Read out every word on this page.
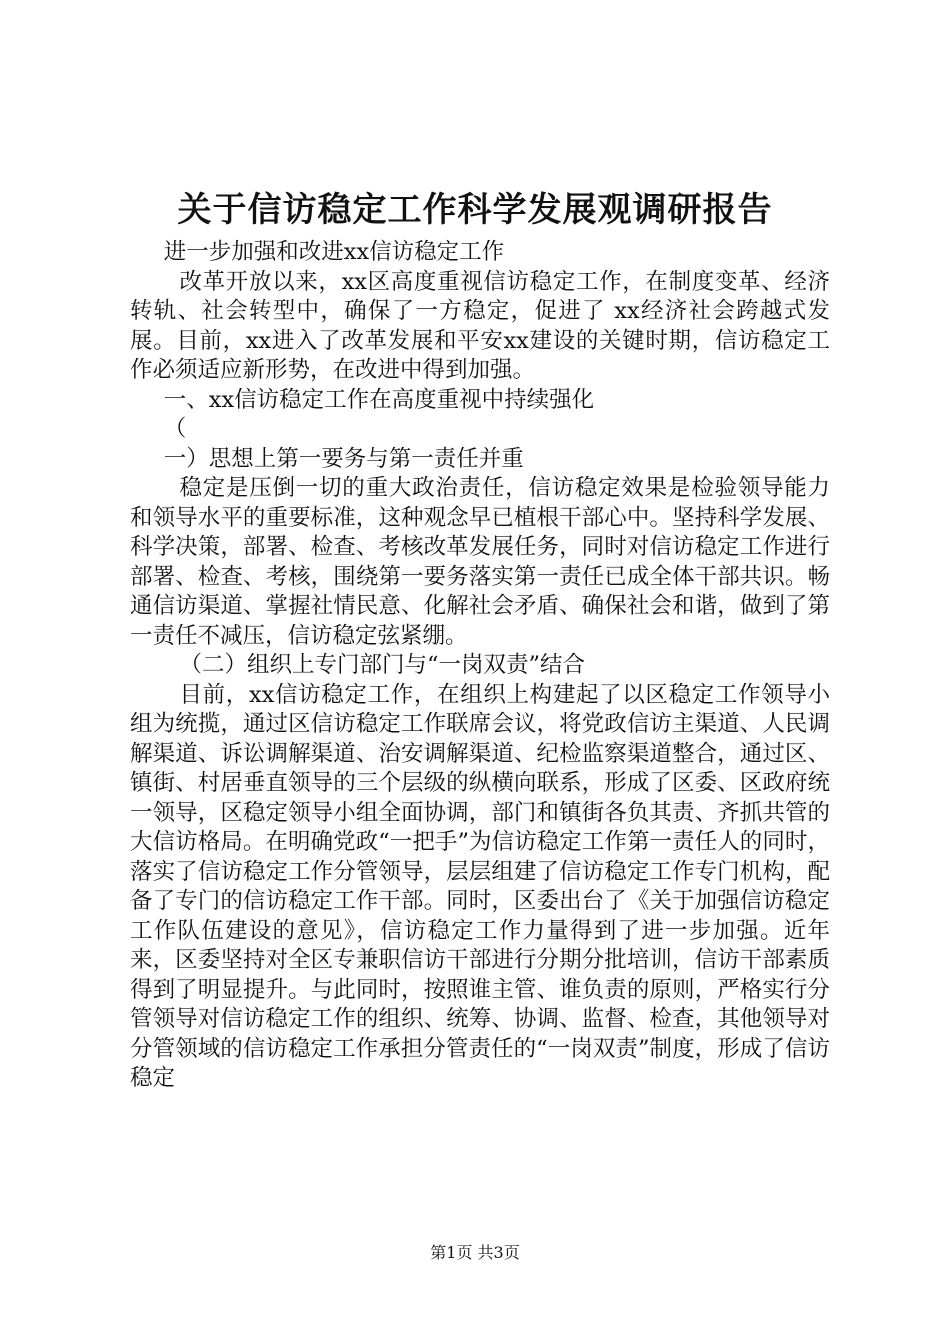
关于信访稳定工作科学发展观调研报告

进一步加强和改进xx信访稳定工作

改革开放以来，xx区高度重视信访稳定工作，在制度变革、经济转轨、社会转型中，确保了一方稳定，促进了 xx经济社会跨越式发展。目前，xx进入了改革发展和平安xx建设的关键时期，信访稳定工作必须适应新形势，在改进中得到加强。

一、xx信访稳定工作在高度重视中持续强化

（

一）思想上第一要务与第一责任并重

稳定是压倒一切的重大政治责任，信访稳定效果是检验领导能力和领导水平的重要标准，这种观念早已植根干部心中。坚持科学发展、科学决策，部署、检查、考核改革发展任务，同时对信访稳定工作进行部署、检查、考核，围绕第一要务落实第一责任已成全体干部共识。畅通信访渠道、掌握社情民意、化解社会矛盾、确保社会和谐，做到了第一责任不减压，信访稳定弦紧绷。

（二）组织上专门部门与“一岗双责”结合

目前，xx信访稳定工作，在组织上构建起了以区稳定工作领导小组为统揽，通过区信访稳定工作联席会议，将党政信访主渠道、人民调解渠道、诉讼调解渠道、治安调解渠道、纪检监察渠道整合，通过区、镇街、村居垂直领导的三个层级的纵横向联系，形成了区委、区政府统一领导，区稳定领导小组全面协调，部门和镇街各负其责、齐抓共管的大信访格局。在明确党政“一把手”为信访稳定工作第一责任人的同时，落实了信访稳定工作分管领导，层层组建了信访稳定工作专门机构，配备了专门的信访稳定工作干部。同时，区委出台了《关于加强信访稳定工作队伍建设的意见》，信访稳定工作力量得到了进一步加强。近年来，区委坚持对全区专兼职信访干部进行分期分批培训，信访干部素质得到了明显提升。与此同时，按照谁主管、谁负责的原则，严格实行分管领导对信访稳定工作的组织、统筹、协调、监督、检查，其他领导对分管领域的信访稳定工作承担分管责任的“一岗双责”制度，形成了信访稳定

第1页 共3页
